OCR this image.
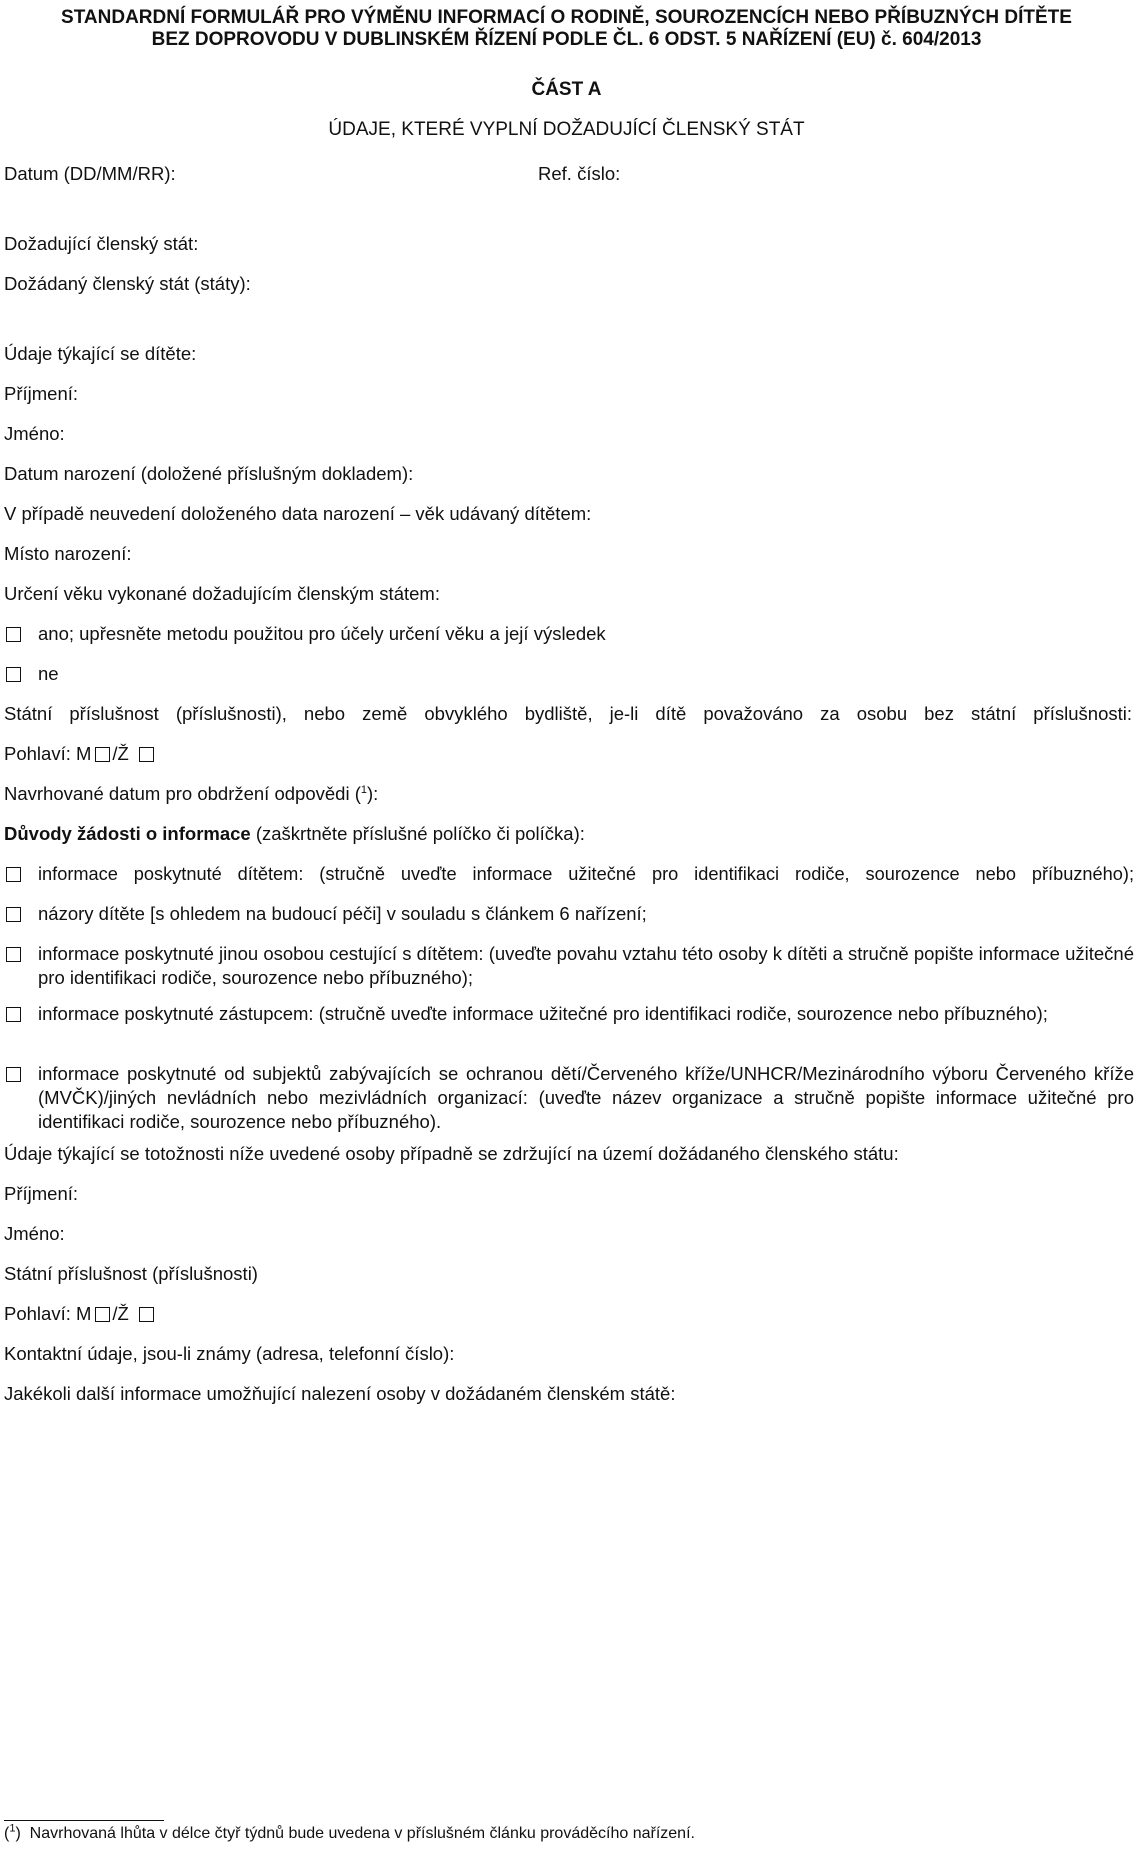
STANDARDNÍ FORMULÁŘ PRO VÝMĚNU INFORMACÍ O RODINĚ, SOUROZENCÍCH NEBO PŘÍBUZNÝCH DÍTĚTE
BEZ DOPROVODU V DUBLINSKÉM ŘÍZENÍ PODLE ČL. 6 ODST. 5 NAŘÍZENÍ (EU) č. 604/2013
ČÁST A
ÚDAJE, KTERÉ VYPLNÍ DOŽADUJÍCÍ ČLENSKÝ STÁT
Datum (DD/MM/RR):	Ref. číslo:
Dožadující členský stát:
Dožádaný členský stát (státy):
Údaje týkající se dítěte:
Příjmení:
Jméno:
Datum narození (doložené příslušným dokladem):
V případě neuvedení doloženého data narození – věk udávaný dítětem:
Místo narození:
Určení věku vykonané dožadujícím členským státem:
ano; upřesněte metodu použitou pro účely určení věku a její výsledek
ne
Státní příslušnost (příslušnosti), nebo země obvyklého bydliště, je-li dítě považováno za osobu bez státní příslušnosti:
Pohlaví: M /Ž
Navrhované datum pro obdržení odpovědi ($^1$):
Důvody žádosti o informace (zaškrtněte příslušné políčko či políčka):
informace poskytnuté dítětem: (stručně uveďte informace užitečné pro identifikaci rodiče, sourozence nebo příbuzného);
názory dítěte [s ohledem na budoucí péči] v souladu s článkem 6 nařízení;
informace poskytnuté jinou osobou cestující s dítětem: (uveďte povahu vztahu této osoby k dítěti a stručně popište informace užitečné pro identifikaci rodiče, sourozence nebo příbuzného);
informace poskytnuté zástupcem: (stručně uveďte informace užitečné pro identifikaci rodiče, sourozence nebo příbuzného);
informace poskytnuté od subjektů zabývajících se ochranou dětí/Červeného kříže/UNHCR/Mezinárodního výboru Červeného kříže (MVČK)/jiných nevládních nebo mezivládních organizací: (uveďte název organizace a stručně popište informace užitečné pro identifikaci rodiče, sourozence nebo příbuzného).
Údaje týkající se totožnosti níže uvedené osoby případně se zdržující na území dožádaného členského státu:
Příjmení:
Jméno:
Státní příslušnost (příslušnosti)
Pohlaví: M /Ž
Kontaktní údaje, jsou-li známy (adresa, telefonní číslo):
Jakékoli další informace umožňující nalezení osoby v dožádaném členském státě:
($^1$)  Navrhovaná lhůta v délce čtyř týdnů bude uvedena v příslušném článku prováděcího nařízení.
